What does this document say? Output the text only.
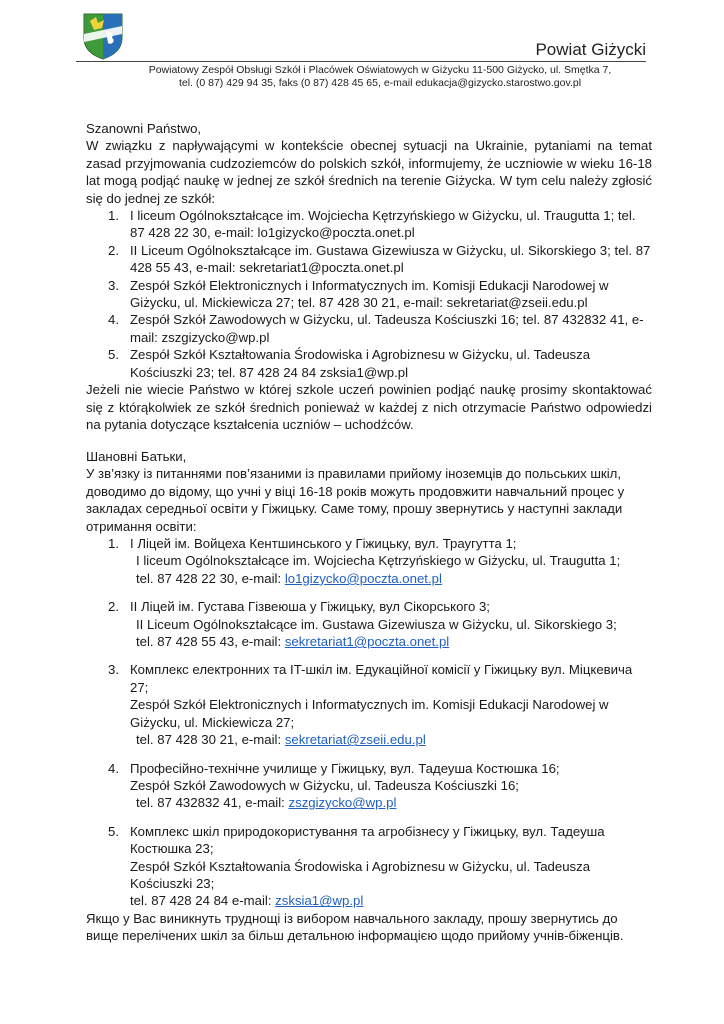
Powiat Giżycki
Powiatowy Zespół Obsługi Szkół i Placówek Oświatowych w Giżycku 11-500 Giżycko, ul. Smętka 7,
tel. (0 87) 429 94 35, faks (0 87) 428 45 65, e-mail edukacja@gizycko.starostwo.gov.pl

Szanowni Państwo,

W związku z napływającymi w kontekście obecnej sytuacji na Ukrainie, pytaniami na temat zasad przyjmowania cudzoziemców do polskich szkół, informujemy, że uczniowie w wieku 16-18 lat mogą podjąć naukę w jednej ze szkół średnich na terenie Giżycka. W tym celu należy zgłosić się do jednej ze szkół:

1. I liceum Ogólnokształcące im. Wojciecha Kętrzyńskiego w Giżycku, ul. Traugutta 1; tel. 87 428 22 30, e-mail: lo1gizycko@poczta.onet.pl
2. II Liceum Ogólnokształcące im. Gustawa Gizewiusza w Giżycku, ul. Sikorskiego 3; tel. 87 428 55 43, e-mail: sekretariat1@poczta.onet.pl
3. Zespół Szkół Elektronicznych i Informatycznych im. Komisji Edukacji Narodowej w Giżycku, ul. Mickiewicza 27; tel. 87 428 30 21, e-mail: sekretariat@zseii.edu.pl
4. Zespół Szkół Zawodowych w Giżycku, ul. Tadeusza Kościuszki 16; tel. 87 432832 41, e-mail: zszgizycko@wp.pl
5. Zespół Szkół Kształtowania Środowiska i Agrobiznesu w Giżycku, ul. Tadeusza Kościuszki 23; tel. 87 428 24 84 zsksia1@wp.pl

Jeżeli nie wiecie Państwo w której szkole uczeń powinien podjąć naukę prosimy skontaktować się z którąkolwiek ze szkół średnich ponieważ w każdej z nich otrzymacie Państwo odpowiedzi na pytania dotyczące kształcenia uczniów – uchodźców.

Шановні Батьки,

У зв’язку із питаннями пов’язаними із правилами прийому іноземців до польських шкіл, доводимо до відому, що учні у віці 16-18 років можуть продовжити навчальний процес у закладах середньої освіти у Гіжицьку. Саме тому, прошу звернутись у наступні заклади отримання освіти:

1. I Ліцей ім. Войцеха Кентшинського у Гіжицьку, вул. Траугутта 1;
I liceum Ogólnokształcące im. Wojciecha Kętrzyńskiego w Giżycku, ul. Traugutta 1;
tel. 87 428 22 30, e-mail: lo1gizycko@poczta.onet.pl
2. II Ліцей ім. Густава Гізвеюша у Гіжицьку, вул Сікорського 3;
II Liceum Ogólnokształcące im. Gustawa Gizewiusza w Giżycku, ul. Sikorskiego 3;
tel. 87 428 55 43, e-mail: sekretariat1@poczta.onet.pl
3. Комплекс електронних та IT-шкіл ім. Едукаційної комісії у Гіжицьку вул. Міцкевича 27;
Zespół Szkół Elektronicznych i Informatycznych im. Komisji Edukacji Narodowej w Giżycku, ul. Mickiewicza 27;
tel. 87 428 30 21, e-mail: sekretariat@zseii.edu.pl
4. Професійно-технічне училище у Гіжицьку, вул. Тадеуша Костюшка 16;
Zespół Szkół Zawodowych w Giżycku, ul. Tadeusza Kościuszki 16;
tel. 87 432832 41, e-mail: zszgizycko@wp.pl
5. Комплекс шкіл природокористування та агробізнесу у Гіжицьку, вул. Тадеуша Костюшка 23;
Zespół Szkół Kształtowania Środowiska i Agrobiznesu w Giżycku, ul. Tadeusza Kościuszki 23;
tel. 87 428 24 84 e-mail: zsksia1@wp.pl

Якщо у Вас виникнуть труднощі із вибором навчального закладу, прошу звернутись до вище перелічених шкіл за більш детальною інформацією щодо прийому учнів-біженців.
